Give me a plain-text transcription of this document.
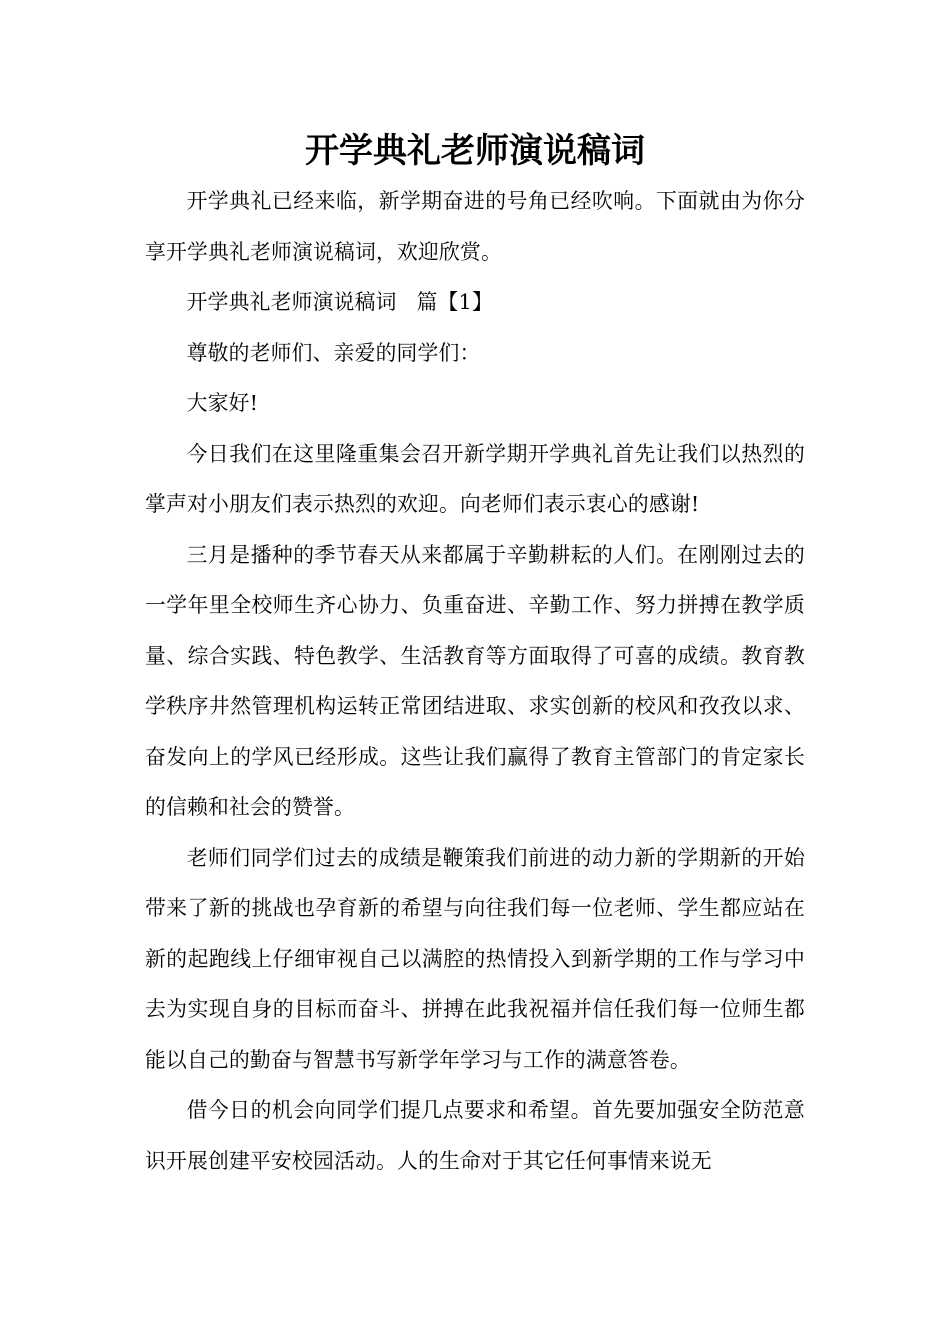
开学典礼老师演说稿词

开学典礼已经来临，新学期奋进的号角已经吹响。下面就由为你分享开学典礼老师演说稿词，欢迎欣赏。

开学典礼老师演说稿词 篇【1】

尊敬的老师们、亲爱的同学们：

大家好!

今日我们在这里隆重集会召开新学期开学典礼首先让我们以热烈的掌声对小朋友们表示热烈的欢迎。向老师们表示衷心的感谢!

三月是播种的季节春天从来都属于辛勤耕耘的人们。在刚刚过去的一学年里全校师生齐心协力、负重奋进、辛勤工作、努力拼搏在教学质量、综合实践、特色教学、生活教育等方面取得了可喜的成绩。教育教学秩序井然管理机构运转正常团结进取、求实创新的校风和孜孜以求、奋发向上的学风已经形成。这些让我们赢得了教育主管部门的肯定家长的信赖和社会的赞誉。

老师们同学们过去的成绩是鞭策我们前进的动力新的学期新的开始带来了新的挑战也孕育新的希望与向往我们每一位老师、学生都应站在新的起跑线上仔细审视自己以满腔的热情投入到新学期的工作与学习中去为实现自身的目标而奋斗、拼搏在此我祝福并信任我们每一位师生都能以自己的勤奋与智慧书写新学年学习与工作的满意答卷。

借今日的机会向同学们提几点要求和希望。首先要加强安全防范意识开展创建平安校园活动。人的生命对于其它任何事情来说无
